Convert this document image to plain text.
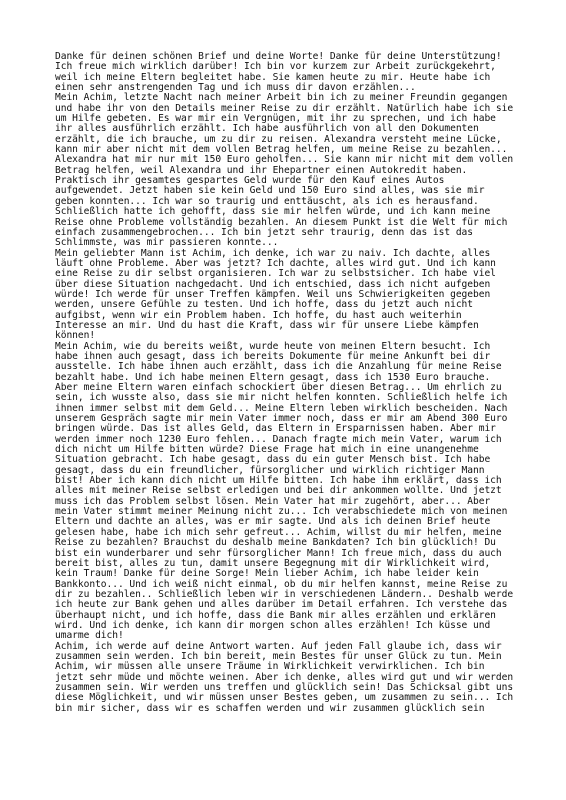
Danke für deinen schönen Brief und deine Worte! Danke für deine Unterstützung!
Ich freue mich wirklich darüber! Ich bin vor kurzem zur Arbeit zurückgekehrt,
weil ich meine Eltern begleitet habe. Sie kamen heute zu mir. Heute habe ich
einen sehr anstrengenden Tag und ich muss dir davon erzählen...
Mein Achim, letzte Nacht nach meiner Arbeit bin ich zu meiner Freundin gegangen
und habe ihr von den Details meiner Reise zu dir erzählt. Natürlich habe ich sie
um Hilfe gebeten. Es war mir ein Vergnügen, mit ihr zu sprechen, und ich habe
ihr alles ausführlich erzählt. Ich habe ausführlich von all den Dokumenten
erzählt, die ich brauche, um zu dir zu reisen. Alexandra versteht meine Lücke,
kann mir aber nicht mit dem vollen Betrag helfen, um meine Reise zu bezahlen...
Alexandra hat mir nur mit 150 Euro geholfen... Sie kann mir nicht mit dem vollen
Betrag helfen, weil Alexandra und ihr Ehepartner einen Autokredit haben.
Praktisch ihr gesamtes gespartes Geld wurde für den Kauf eines Autos
aufgewendet. Jetzt haben sie kein Geld und 150 Euro sind alles, was sie mir
geben konnten... Ich war so traurig und enttäuscht, als ich es herausfand.
Schließlich hatte ich gehofft, dass sie mir helfen würde, und ich kann meine
Reise ohne Probleme vollständig bezahlen. An diesem Punkt ist die Welt für mich
einfach zusammengebrochen... Ich bin jetzt sehr traurig, denn das ist das
Schlimmste, was mir passieren konnte...
Mein geliebter Mann ist Achim, ich denke, ich war zu naiv. Ich dachte, alles
läuft ohne Probleme. Aber was jetzt? Ich dachte, alles wird gut. Und ich kann
eine Reise zu dir selbst organisieren. Ich war zu selbstsicher. Ich habe viel
über diese Situation nachgedacht. Und ich entschied, dass ich nicht aufgeben
würde! Ich werde für unser Treffen kämpfen. Weil uns Schwierigkeiten gegeben
werden, unsere Gefühle zu testen. Und ich hoffe, dass du jetzt auch nicht
aufgibst, wenn wir ein Problem haben. Ich hoffe, du hast auch weiterhin
Interesse an mir. Und du hast die Kraft, dass wir für unsere Liebe kämpfen
können!
Mein Achim, wie du bereits weißt, wurde heute von meinen Eltern besucht. Ich
habe ihnen auch gesagt, dass ich bereits Dokumente für meine Ankunft bei dir
ausstelle. Ich habe ihnen auch erzählt, dass ich die Anzahlung für meine Reise
bezahlt habe. Und ich habe meinen Eltern gesagt, dass ich 1530 Euro brauche.
Aber meine Eltern waren einfach schockiert über diesen Betrag... Um ehrlich zu
sein, ich wusste also, dass sie mir nicht helfen konnten. Schließlich helfe ich
ihnen immer selbst mit dem Geld... Meine Eltern leben wirklich bescheiden. Nach
unserem Gespräch sagte mir mein Vater immer noch, dass er mir am Abend 300 Euro
bringen würde. Das ist alles Geld, das Eltern in Ersparnissen haben. Aber mir
werden immer noch 1230 Euro fehlen... Danach fragte mich mein Vater, warum ich
dich nicht um Hilfe bitten würde? Diese Frage hat mich in eine unangenehme
Situation gebracht. Ich habe gesagt, dass du ein guter Mensch bist. Ich habe
gesagt, dass du ein freundlicher, fürsorglicher und wirklich richtiger Mann
bist! Aber ich kann dich nicht um Hilfe bitten. Ich habe ihm erklärt, dass ich
alles mit meiner Reise selbst erledigen und bei dir ankommen wollte. Und jetzt
muss ich das Problem selbst lösen. Mein Vater hat mir zugehört, aber... Aber
mein Vater stimmt meiner Meinung nicht zu... Ich verabschiedete mich von meinen
Eltern und dachte an alles, was er mir sagte. Und als ich deinen Brief heute
gelesen habe, habe ich mich sehr gefreut... Achim, willst du mir helfen, meine
Reise zu bezahlen? Brauchst du deshalb meine Bankdaten? Ich bin glücklich! Du
bist ein wunderbarer und sehr fürsorglicher Mann! Ich freue mich, dass du auch
bereit bist, alles zu tun, damit unsere Begegnung mit dir Wirklichkeit wird,
kein Traum! Danke für deine Sorge! Mein lieber Achim, ich habe leider kein
Bankkonto... Und ich weiß nicht einmal, ob du mir helfen kannst, meine Reise zu
dir zu bezahlen.. Schließlich leben wir in verschiedenen Ländern.. Deshalb werde
ich heute zur Bank gehen und alles darüber im Detail erfahren. Ich verstehe das
überhaupt nicht, und ich hoffe, dass die Bank mir alles erzählen und erklären
wird. Und ich denke, ich kann dir morgen schon alles erzählen! Ich küsse und
umarme dich!
Achim, ich werde auf deine Antwort warten. Auf jeden Fall glaube ich, dass wir
zusammen sein werden. Ich bin bereit, mein Bestes für unser Glück zu tun. Mein
Achim, wir müssen alle unsere Träume in Wirklichkeit verwirklichen. Ich bin
jetzt sehr müde und möchte weinen. Aber ich denke, alles wird gut und wir werden
zusammen sein. Wir werden uns treffen und glücklich sein! Das Schicksal gibt uns
diese Möglichkeit, und wir müssen unser Bestes geben, um zusammen zu sein... Ich
bin mir sicher, dass wir es schaffen werden und wir zusammen glücklich sein
